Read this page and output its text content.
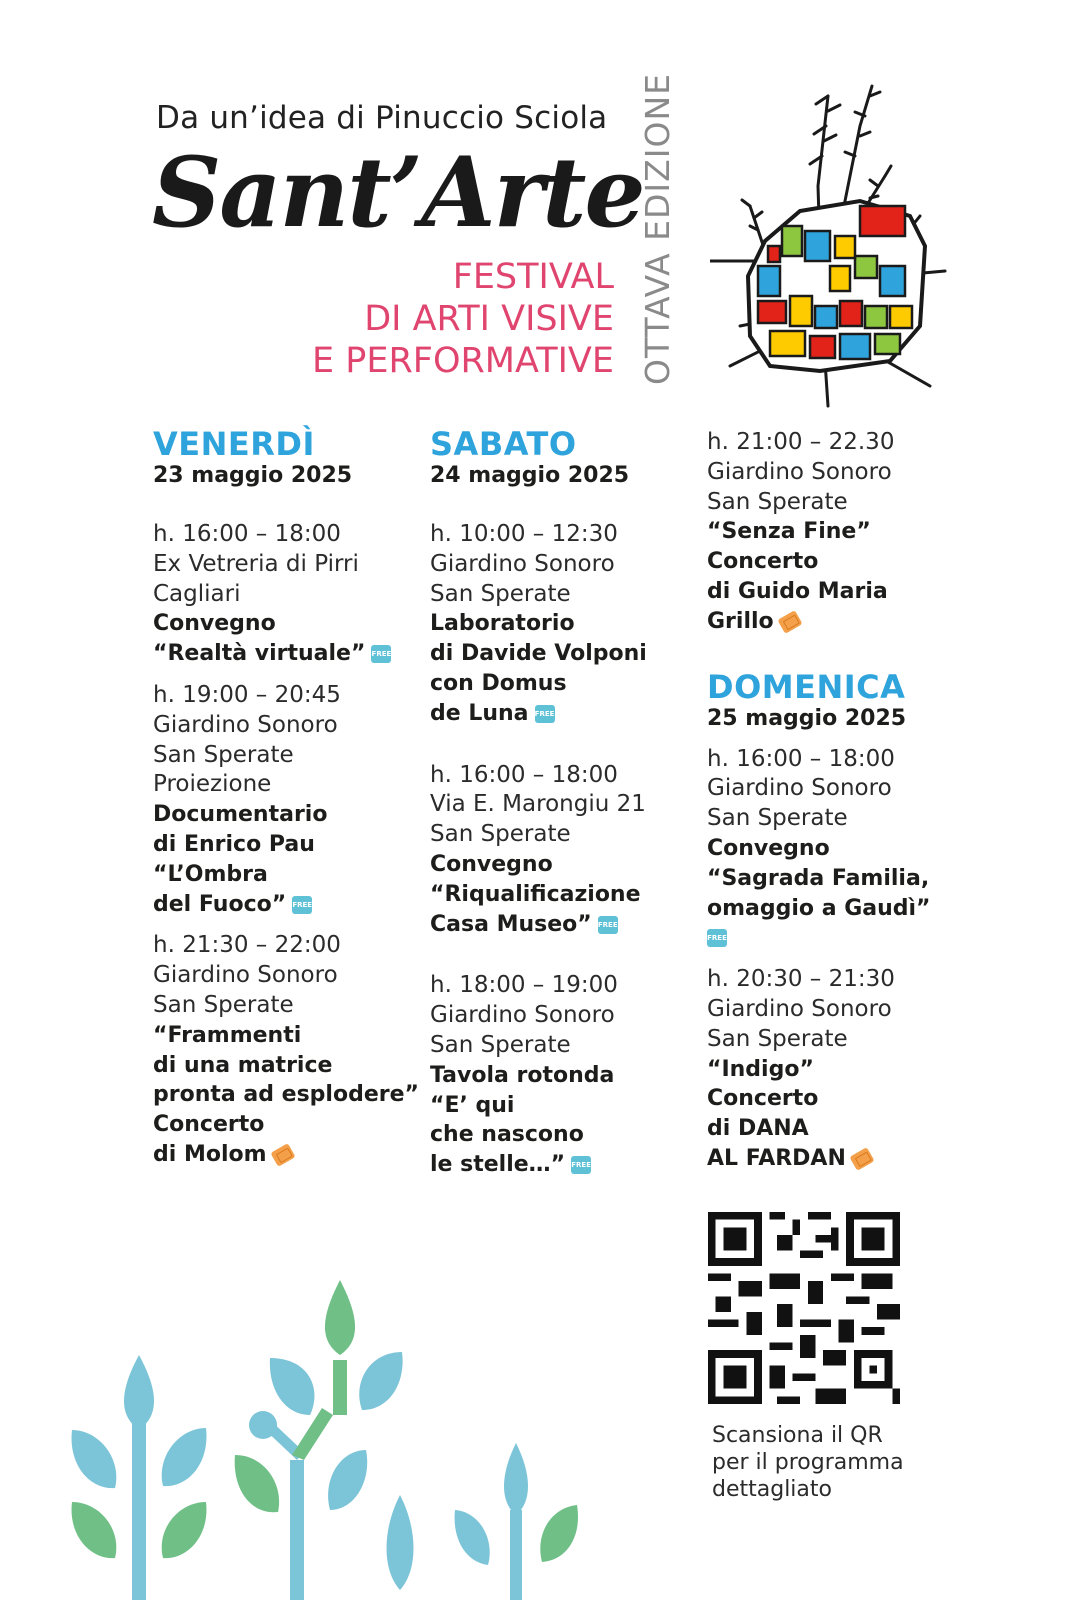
Da un’idea di Pinuccio Sciola
Sant’Arte
FESTIVAL
DI ARTI VISIVE
E PERFORMATIVE OTTAVA EDIZIONE
VENERDÌ
23 maggio 2025
h. 16:00 – 18:00
Ex Vetreria di Pirri
Cagliari
Convegno
“Realtà virtuale” FREE
h. 19:00 – 20:45
Giardino Sonoro
San Sperate
Proiezione
Documentario
di Enrico Pau
“L’Ombra
del Fuoco” FREE
h. 21:30 – 22:00
Giardino Sonoro
San Sperate
“Frammenti
di una matrice
pronta ad esplodere”
Concerto
di Molom
SABATO
24 maggio 2025
h. 10:00 – 12:30
Giardino Sonoro
San Sperate
Laboratorio
di Davide Volponi
con Domus
de Luna FREE
h. 16:00 – 18:00
Via E. Marongiu 21
San Sperate
Convegno
“Riqualificazione
Casa Museo” FREE
h. 18:00 – 19:00
Giardino Sonoro
San Sperate
Tavola rotonda
“E’ qui
che nascono
le stelle…” FREE
h. 21:00 – 22.30
Giardino Sonoro
San Sperate
“Senza Fine”
Concerto
di Guido Maria
Grillo
DOMENICA
25 maggio 2025
h. 16:00 – 18:00
Giardino Sonoro
San Sperate
Convegno
“Sagrada Familia,
omaggio a Gaudì”
FREE
h. 20:30 – 21:30
Giardino Sonoro
San Sperate
“Indigo”
Concerto
di DANA
AL FARDAN
Scansiona il QR
per il programma
dettagliato
